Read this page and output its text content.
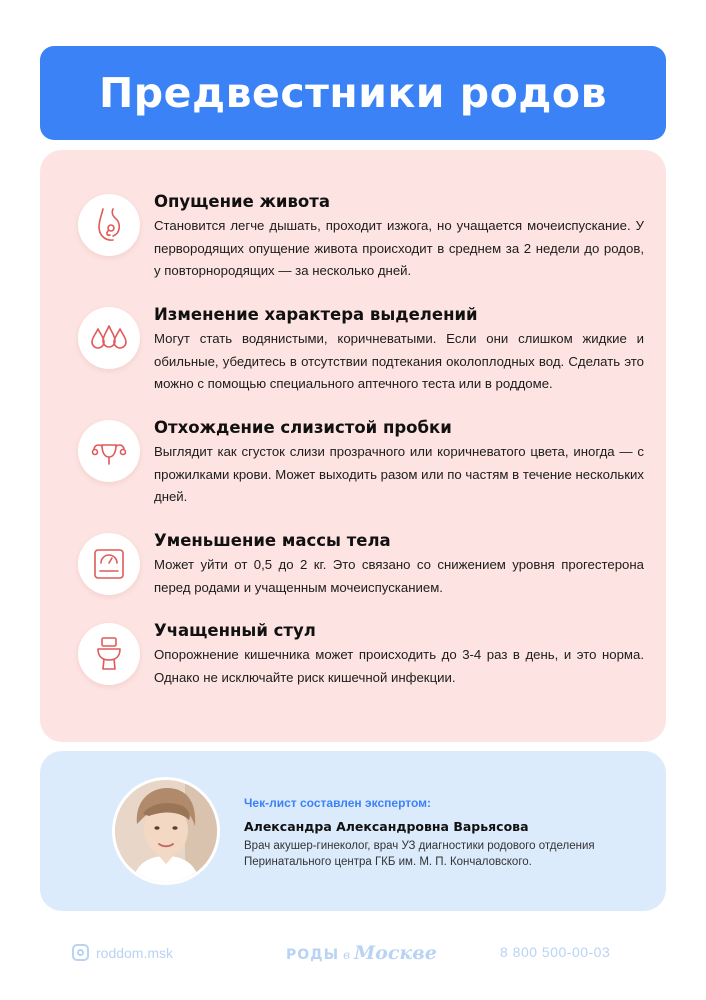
Предвестники родов
Опущение живота
Становится легче дышать, проходит изжога, но учащается мочеиспускание. У первородящих опущение живота происходит в среднем за 2 недели до родов, у повторнородящих — за несколько дней.
Изменение характера выделений
Могут стать водянистыми, коричневатыми. Если они слишком жидкие и обильные, убедитесь в отсутствии подтекания околоплодных вод. Сделать это можно с помощью специального аптечного теста или в роддоме.
Отхождение слизистой пробки
Выглядит как сгусток слизи прозрачного или коричневатого цвета, иногда — с прожилками крови. Может выходить разом или по частям в течение нескольких дней.
Уменьшение массы тела
Может уйти от 0,5 до 2 кг. Это связано со снижением уровня прогестерона перед родами и учащенным мочеиспусканием.
Учащенный стул
Опорожнение кишечника может происходить до 3-4 раз в день, и это норма. Однако не исключайте риск кишечной инфекции.
Чек-лист составлен экспертом:
Александра Александровна Варьясова
Врач акушер-гинеколог, врач УЗ диагностики родового отделения Перинатального центра ГКБ им. М. П. Кончаловского.
roddom.msk	РОДЫ в Москве	8 800 500-00-03
